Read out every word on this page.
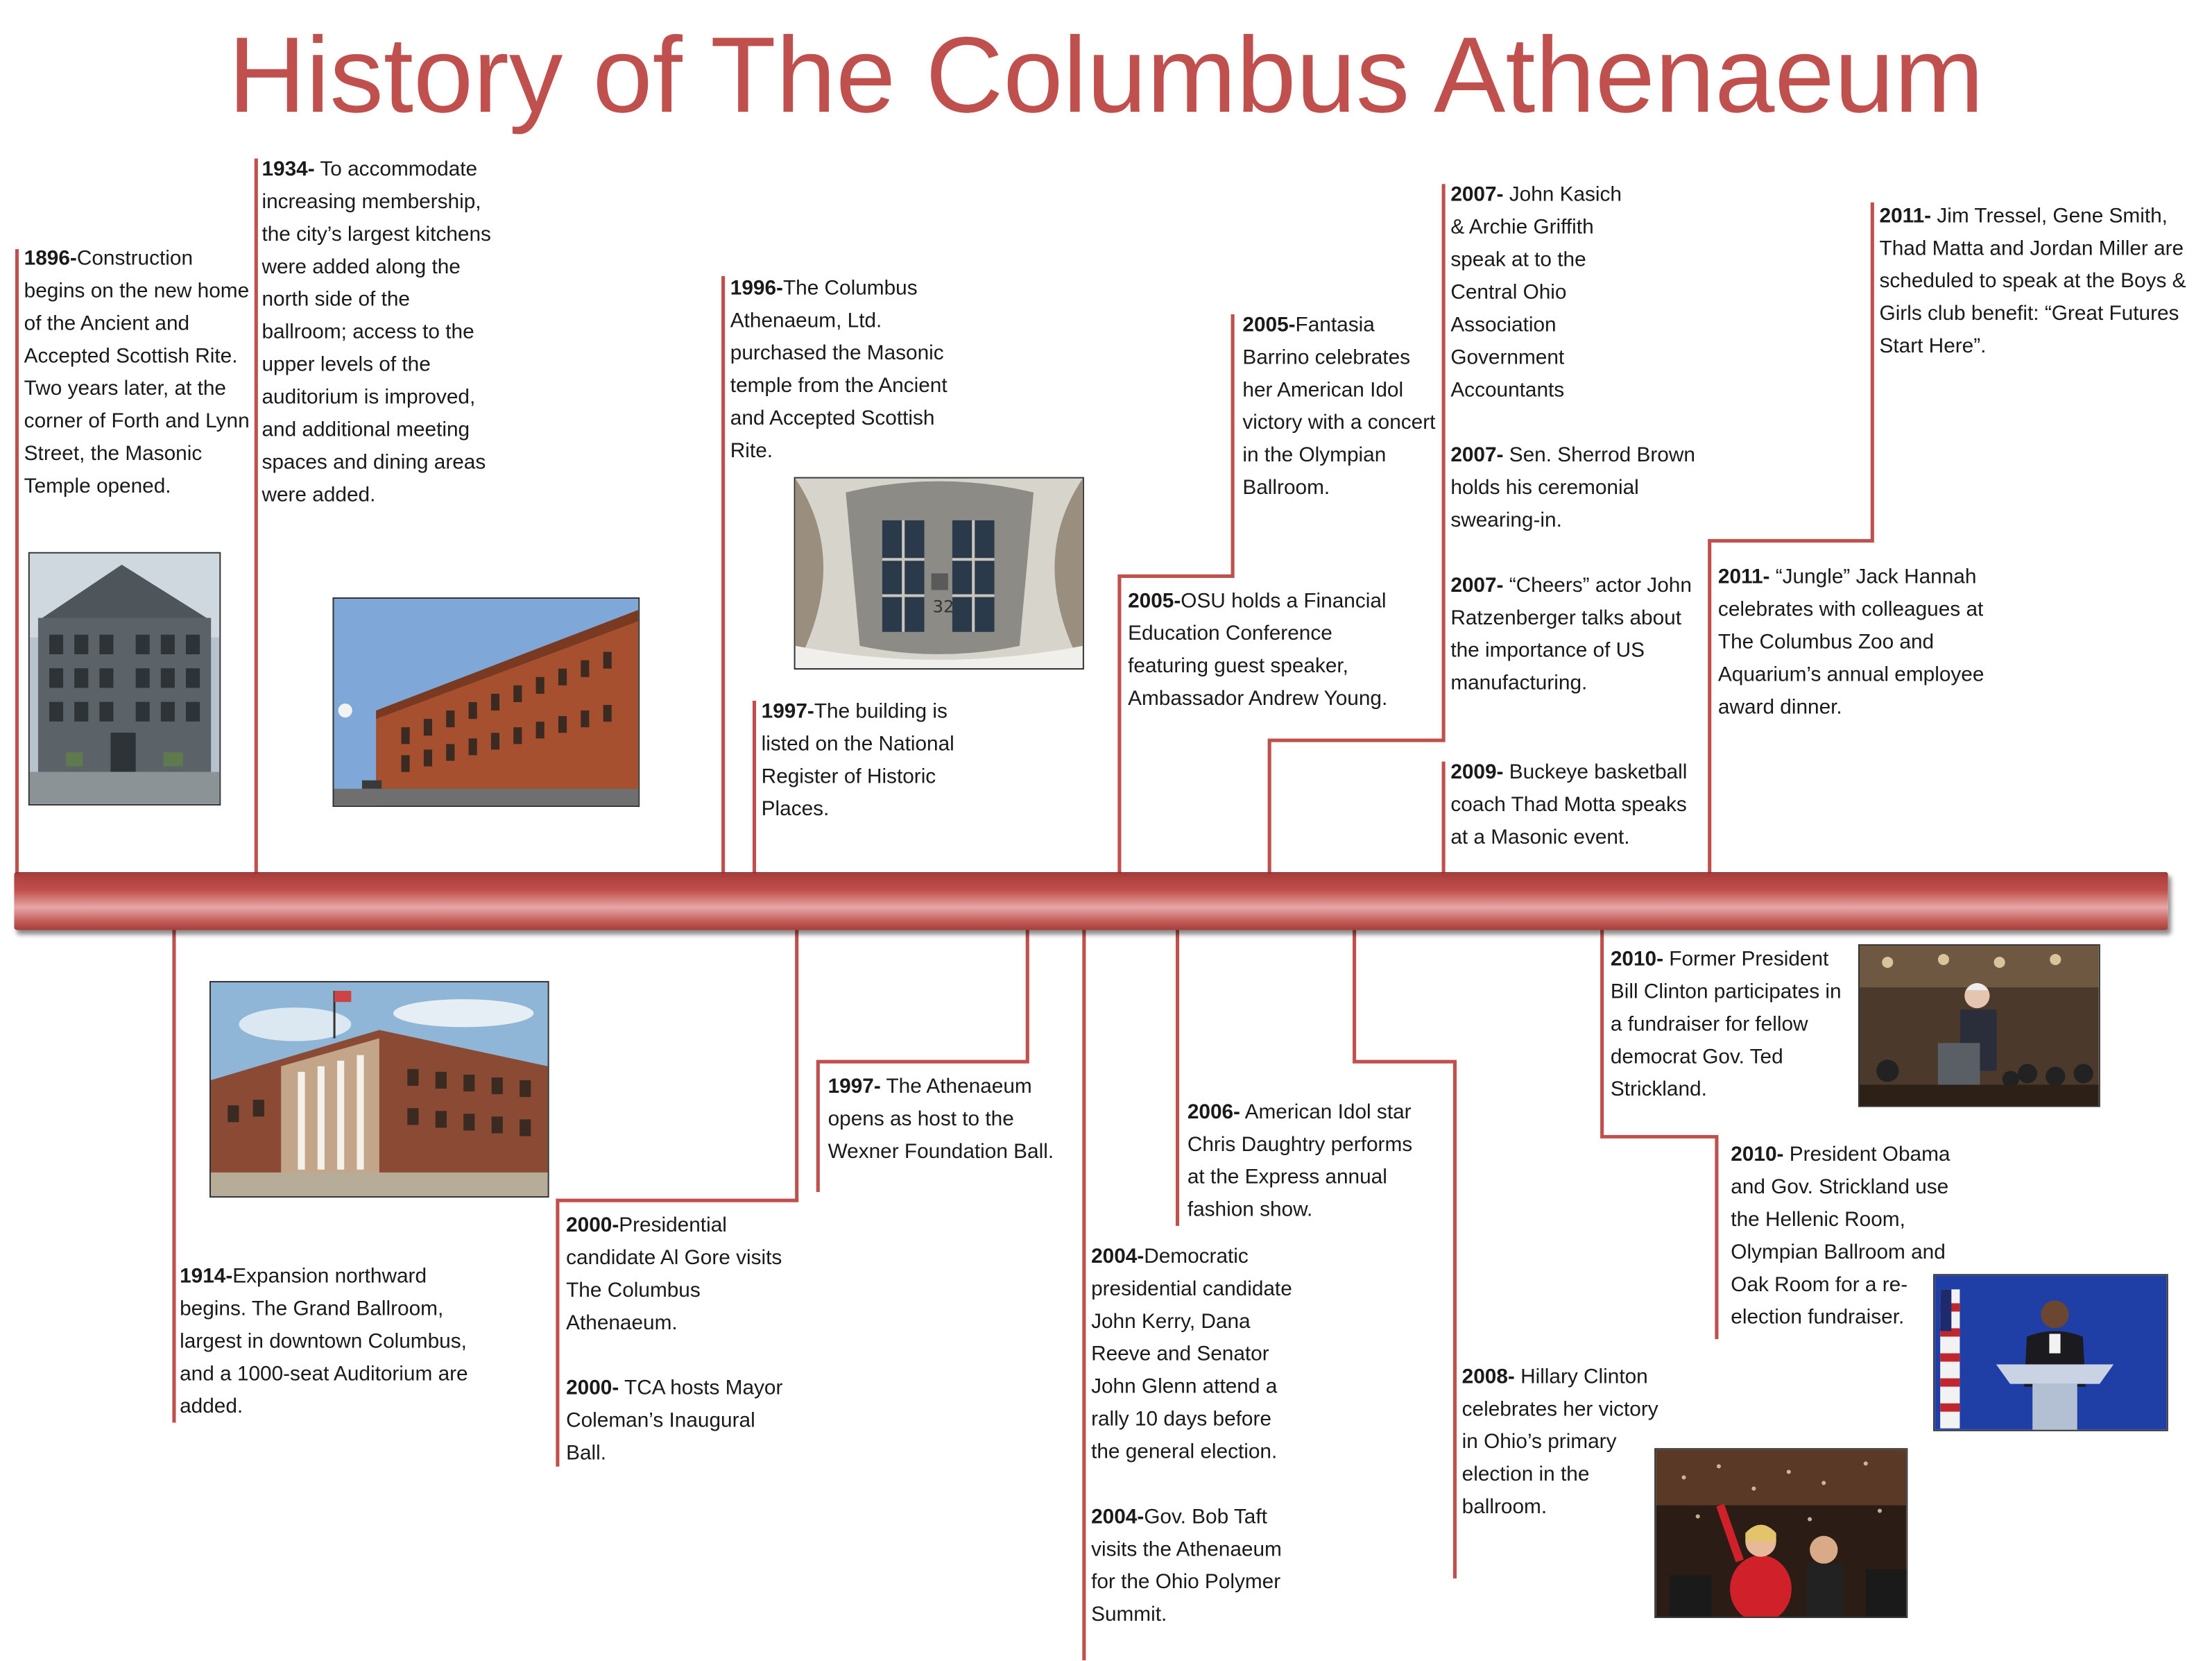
History of The Columbus Athenaeum

1896-Construction begins on the new home of the Ancient and Accepted Scottish Rite. Two years later, at the corner of Forth and Lynn Street, the Masonic Temple opened.

1934- To accommodate increasing membership, the city’s largest kitchens were added along the north side of the ballroom; access to the upper levels of the auditorium is improved, and additional meeting spaces and dining areas were added.

1996-The Columbus Athenaeum, Ltd. purchased the Masonic temple from the Ancient and Accepted Scottish Rite.

1997-The building is listed on the National Register of Historic Places.

2005-Fantasia Barrino celebrates her American Idol victory with a concert in the Olympian Ballroom.

2005-OSU holds a Financial Education Conference featuring guest speaker, Ambassador Andrew Young.

2007- John Kasich & Archie Griffith speak at to the Central Ohio Association Government Accountants

2007- Sen. Sherrod Brown holds his ceremonial swearing-in.

2007- “Cheers” actor John Ratzenberger talks about the importance of US manufacturing.

2009- Buckeye basketball coach Thad Motta speaks at a Masonic event.

2011- “Jungle” Jack Hannah celebrates with colleagues at The Columbus Zoo and Aquarium’s annual employee award dinner.

2011- Jim Tressel, Gene Smith, Thad Matta and Jordan Miller are scheduled to speak at the Boys & Girls club benefit: “Great Futures Start Here”.

1914-Expansion northward begins. The Grand Ballroom, largest in downtown Columbus, and a 1000-seat Auditorium are added.

1997- The Athenaeum opens as host to the Wexner Foundation Ball.

2000-Presidential candidate Al Gore visits The Columbus Athenaeum.

2000- TCA hosts Mayor Coleman’s Inaugural Ball.

2004-Democratic presidential candidate John Kerry, Dana Reeve and Senator John Glenn attend a rally 10 days before the general election.

2004-Gov. Bob Taft visits the Athenaeum for the Ohio Polymer Summit.

2006- American Idol star Chris Daughtry performs at the Express annual fashion show.

2008- Hillary Clinton celebrates her victory in Ohio’s primary election in the ballroom.

2010- Former President Bill Clinton participates in a fundraiser for fellow democrat Gov. Ted Strickland.

2010- President Obama and Gov. Strickland use the Hellenic Room, Olympian Ballroom and Oak Room for a re-election fundraiser.

32
